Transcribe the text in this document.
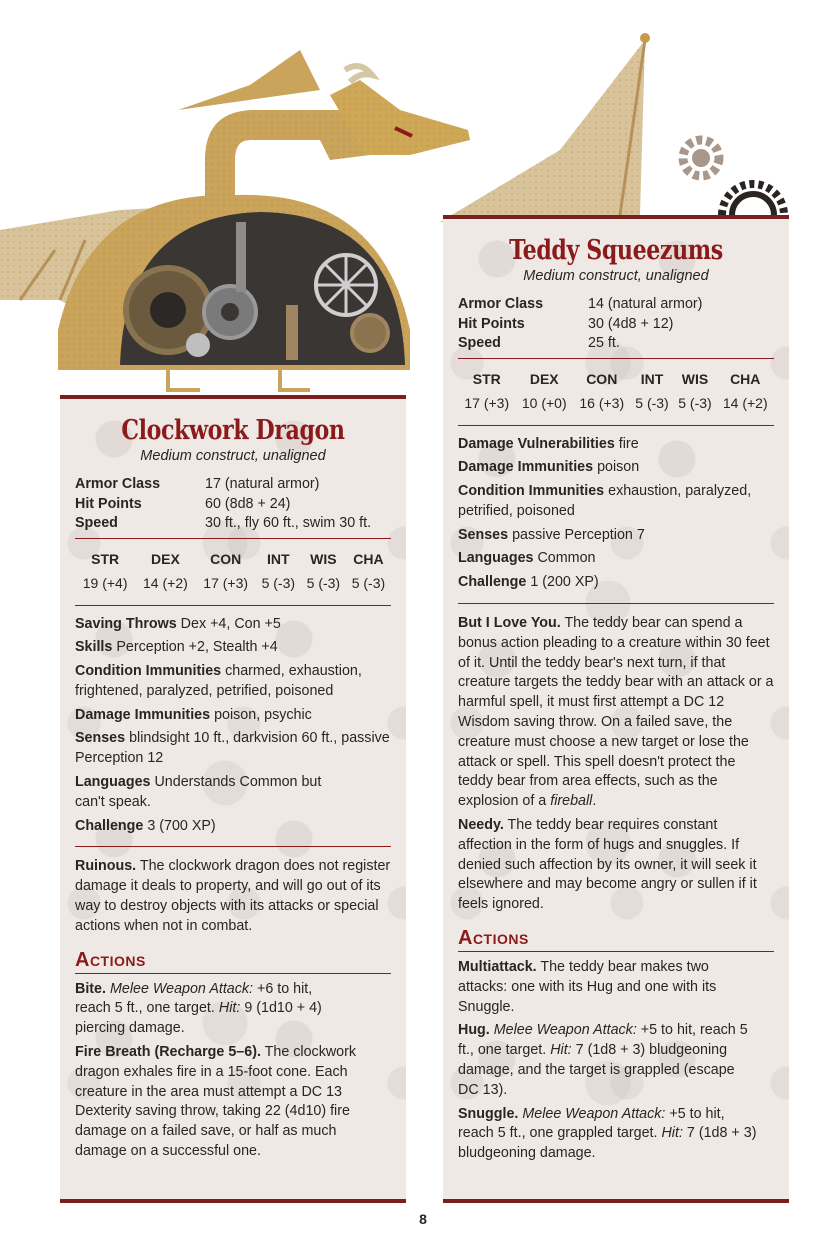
Clockwork Dragon
Medium construct, unaligned
Armor Class	17 (natural armor)
Hit Points	60 (8d8 + 24)
Speed	30 ft., fly 60 ft., swim 30 ft.
STR	DEX	CON	INT	WIS	CHA
19 (+4)	14 (+2)	17 (+3)	5 (-3)	5 (-3)	5 (-3)
Saving Throws Dex +4, Con +5
Skills Perception +2, Stealth +4
Condition Immunities charmed, exhaustion, frightened, paralyzed, petrified, poisoned
Damage Immunities poison, psychic
Senses blindsight 10 ft., darkvision 60 ft., passive Perception 12
Languages Understands Common but can't speak.
Challenge 3 (700 XP)
Ruinous. The clockwork dragon does not register damage it deals to property, and will go out of its way to destroy objects with its attacks or special actions when not in combat.
Actions
Bite. Melee Weapon Attack: +6 to hit, reach 5 ft., one target. Hit: 9 (1d10 + 4) piercing damage.
Fire Breath (Recharge 5–6). The clockwork dragon exhales fire in a 15-foot cone. Each creature in the area must attempt a DC 13 Dexterity saving throw, taking 22 (4d10) fire damage on a failed save, or half as much damage on a successful one.
Teddy Squeezums
Medium construct, unaligned
Armor Class	14 (natural armor)
Hit Points	30 (4d8 + 12)
Speed	25 ft.
STR	DEX	CON	INT	WIS	CHA
17 (+3)	10 (+0)	16 (+3)	5 (-3)	5 (-3)	14 (+2)
Damage Vulnerabilities fire
Damage Immunities poison
Condition Immunities exhaustion, paralyzed, petrified, poisoned
Senses passive Perception 7
Languages Common
Challenge 1 (200 XP)
But I Love You. The teddy bear can spend a bonus action pleading to a creature within 30 feet of it. Until the teddy bear's next turn, if that creature targets the teddy bear with an attack or a harmful spell, it must first attempt a DC 12 Wisdom saving throw. On a failed save, the creature must choose a new target or lose the attack or spell. This spell doesn't protect the teddy bear from area effects, such as the explosion of a fireball.
Needy. The teddy bear requires constant affection in the form of hugs and snuggles. If denied such affection by its owner, it will seek it elsewhere and may become angry or sullen if it feels ignored.
Actions
Multiattack. The teddy bear makes two attacks: one with its Hug and one with its Snuggle.
Hug. Melee Weapon Attack: +5 to hit, reach 5 ft., one target. Hit: 7 (1d8 + 3) bludgeoning damage, and the target is grappled (escape DC 13).
Snuggle. Melee Weapon Attack: +5 to hit, reach 5 ft., one grappled target. Hit: 7 (1d8 + 3) bludgeoning damage.
8
